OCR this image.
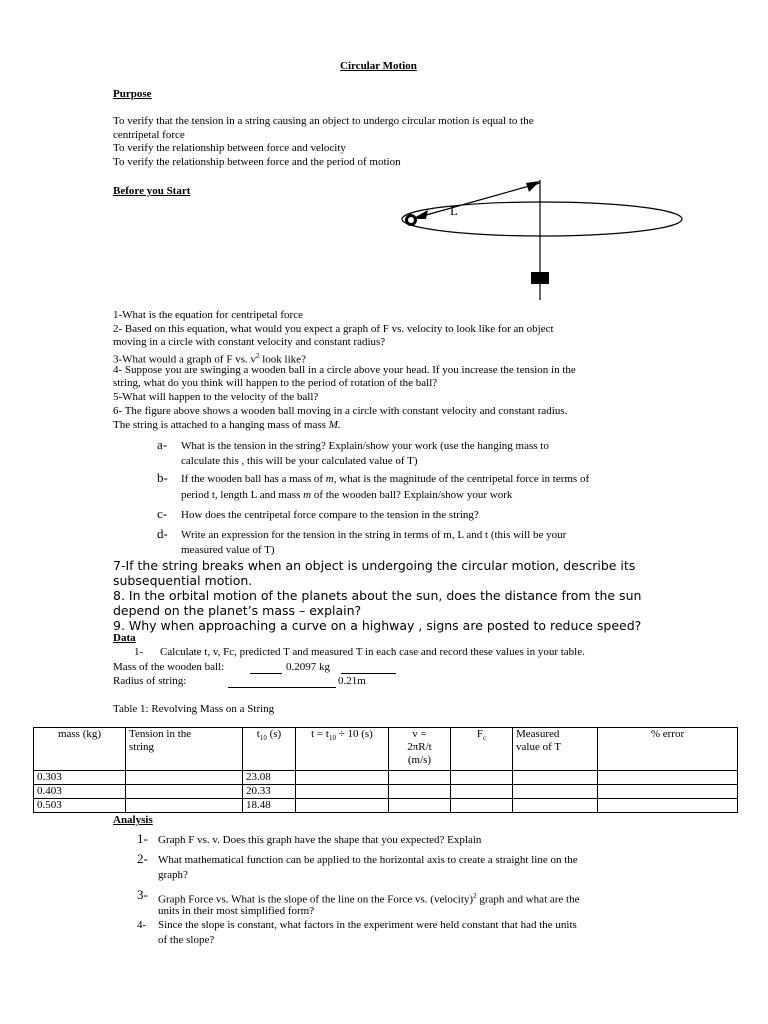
Circular Motion
Purpose
To verify that the tension in a string causing an object to undergo circular motion is equal to the
centripetal force
To verify the relationship between force and velocity
To verify the relationship between force and the period of motion
Before you Start
L
1-What is the equation for centripetal force
2- Based on this equation, what would you expect a graph of F vs. velocity to look like for an object
moving in a circle with constant velocity and constant radius?
3-What would a graph of F vs. $v^2$ look like?
4- Suppose you are swinging a wooden ball in a circle above your head. If you increase the tension in the
string, what do you think will happen to the period of rotation of the ball?
5-What will happen to the velocity of the ball?
6- The figure above shows a wooden ball moving in a circle with constant velocity and constant radius.
The string is attached to a hanging mass of mass M.
a- What is the tension in the string? Explain/show your work (use the hanging mass to
calculate this , this will be your calculated value of T)
b- If the wooden ball has a mass of m, what is the magnitude of the centripetal force in terms of
period t, length L and mass m of the wooden ball? Explain/show your work
c- How does the centripetal force compare to the tension in the string?
d- Write an expression for the tension in the string in terms of m, L and t (this will be your
measured value of T)
7-If the string breaks when an object is undergoing the circular motion, describe its
subsequential motion.
8. In the orbital motion of the planets about the sun, does the distance from the sun
depend on the planet’s mass – explain?
9. Why when approaching a curve on a highway , signs are posted to reduce speed?
Data
1- Calculate t, v, Fc, predicted T and measured T in each case and record these values in your table.
Mass of the wooden ball:	0.2097 kg
Radius of string:	0.21m
Table 1: Revolving Mass on a String
mass (kg)	Tension in the
string	$t_{10}$ (s)	$t = t_{10} \div 10$ (s)	v =
2πR/t
(m/s)	$F_c$	Measured
value of T	% error
0.303		23.08					
0.403		20.33					
0.503		18.48					
Analysis
1- Graph F vs. v. Does this graph have the shape that you expected? Explain
2- What mathematical function can be applied to the horizontal axis to create a straight line on the
graph?
3- Graph Force vs. What is the slope of the line on the Force vs. (velocity)$^2$ graph and what are the
units in their most simplified form?
4- Since the slope is constant, what factors in the experiment were held constant that had the units
of the slope?
